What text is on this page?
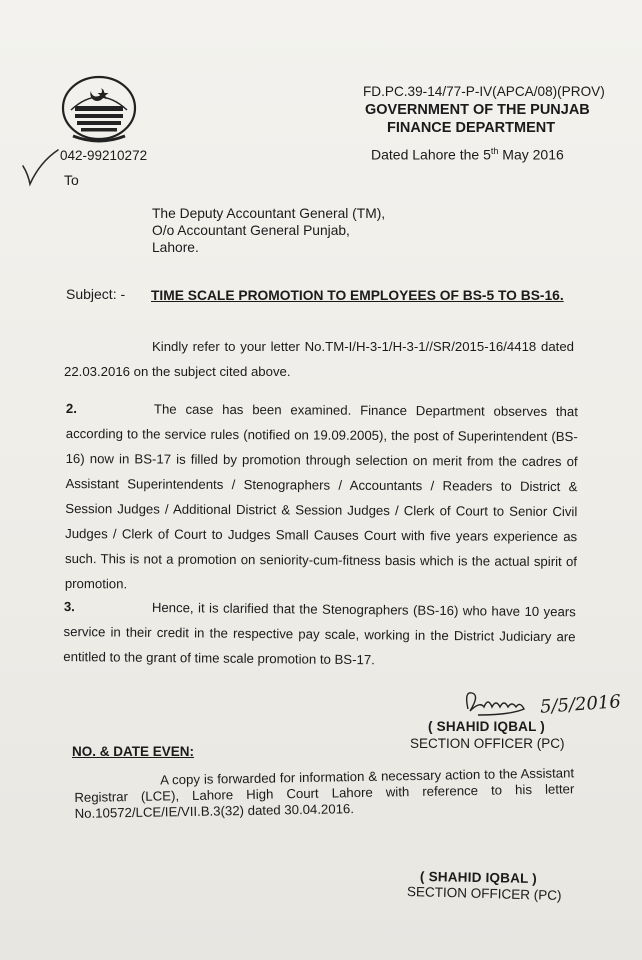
FD.PC.39-14/77-P-IV(APCA/08)(PROV)
GOVERNMENT OF THE PUNJAB
FINANCE DEPARTMENT
Dated Lahore the 5th May 2016
042-99210272
To
The Deputy Accountant General (TM),
O/o Accountant General Punjab,
Lahore.
Subject: - TIME SCALE PROMOTION TO EMPLOYEES OF BS-5 TO BS-16.
Kindly refer to your letter No.TM-I/H-3-1/H-3-1//SR/2015-16/4418 dated 22.03.2016 on the subject cited above.
2.	The case has been examined. Finance Department observes that according to the service rules (notified on 19.09.2005), the post of Superintendent (BS-16) now in BS-17 is filled by promotion through selection on merit from the cadres of Assistant Superintendents / Stenographers / Accountants / Readers to District & Session Judges / Additional District & Session Judges / Clerk of Court to Senior Civil Judges / Clerk of Court to Judges Small Causes Court with five years experience as such. This is not a promotion on seniority-cum-fitness basis which is the actual spirit of promotion.
3.	Hence, it is clarified that the Stenographers (BS-16) who have 10 years service in their credit in the respective pay scale, working in the District Judiciary are entitled to the grant of time scale promotion to BS-17.
5/5/2016
( SHAHID IQBAL )
SECTION OFFICER (PC)
NO. & DATE EVEN:
A copy is forwarded for information & necessary action to the Assistant Registrar (LCE), Lahore High Court Lahore with reference to his letter No.10572/LCE/IE/VII.B.3(32) dated 30.04.2016.
( SHAHID IQBAL )
SECTION OFFICER (PC)
